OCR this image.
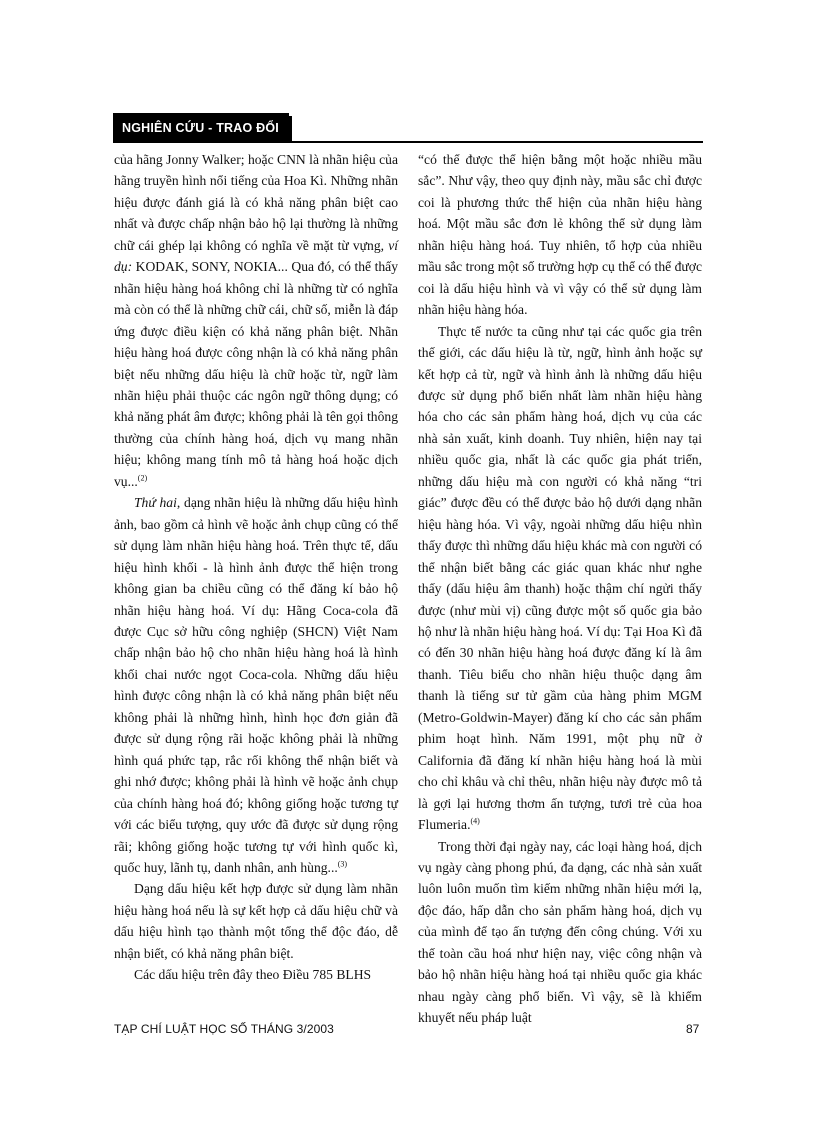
NGHIÊN CỨU - TRAO ĐỔI

của hãng Jonny Walker; hoặc CNN là nhãn hiệu của hãng truyền hình nổi tiếng của Hoa Kì. Những nhãn hiệu được đánh giá là có khả năng phân biệt cao nhất và được chấp nhận bảo hộ lại thường là những chữ cái ghép lại không có nghĩa về mặt từ vựng, ví dụ: KODAK, SONY, NOKIA... Qua đó, có thể thấy nhãn hiệu hàng hoá không chỉ là những từ có nghĩa mà còn có thể là những chữ cái, chữ số, miễn là đáp ứng được điều kiện có khả năng phân biệt. Nhãn hiệu hàng hoá được công nhận là có khả năng phân biệt nếu những dấu hiệu là chữ hoặc từ, ngữ làm nhãn hiệu phải thuộc các ngôn ngữ thông dụng; có khả năng phát âm được; không phải là tên gọi thông thường của chính hàng hoá, dịch vụ mang nhãn hiệu; không mang tính mô tả hàng hoá hoặc dịch vụ...$^{(2)}$

Thứ hai, dạng nhãn hiệu là những dấu hiệu hình ảnh, bao gồm cả hình vẽ hoặc ảnh chụp cũng có thể sử dụng làm nhãn hiệu hàng hoá. Trên thực tế, dấu hiệu hình khối - là hình ảnh được thể hiện trong không gian ba chiều cũng có thể đăng kí bảo hộ nhãn hiệu hàng hoá. Ví dụ: Hãng Coca-cola đã được Cục sở hữu công nghiệp (SHCN) Việt Nam chấp nhận bảo hộ cho nhãn hiệu hàng hoá là hình khối chai nước ngọt Coca-cola. Những dấu hiệu hình được công nhận là có khả năng phân biệt nếu không phải là những hình, hình học đơn giản đã được sử dụng rộng rãi hoặc không phải là những hình quá phức tạp, rắc rối không thể nhận biết và ghi nhớ được; không phải là hình vẽ hoặc ảnh chụp của chính hàng hoá đó; không giống hoặc tương tự với các biểu tượng, quy ước đã được sử dụng rộng rãi; không giống hoặc tương tự với hình quốc kì, quốc huy, lãnh tụ, danh nhân, anh hùng...$^{(3)}$

Dạng dấu hiệu kết hợp được sử dụng làm nhãn hiệu hàng hoá nếu là sự kết hợp cả dấu hiệu chữ và dấu hiệu hình tạo thành một tổng thể độc đáo, dễ nhận biết, có khả năng phân biệt.

Các dấu hiệu trên đây theo Điều 785 BLHS

“có thể được thể hiện bằng một hoặc nhiều mầu sắc”. Như vậy, theo quy định này, mầu sắc chỉ được coi là phương thức thể hiện của nhãn hiệu hàng hoá. Một mầu sắc đơn lẻ không thể sử dụng làm nhãn hiệu hàng hoá. Tuy nhiên, tổ hợp của nhiều mầu sắc trong một số trường hợp cụ thể có thể được coi là dấu hiệu hình và vì vậy có thể sử dụng làm nhãn hiệu hàng hóa.

Thực tế nước ta cũng như tại các quốc gia trên thế giới, các dấu hiệu là từ, ngữ, hình ảnh hoặc sự kết hợp cả từ, ngữ và hình ảnh là những dấu hiệu được sử dụng phổ biến nhất làm nhãn hiệu hàng hóa cho các sản phẩm hàng hoá, dịch vụ của các nhà sản xuất, kinh doanh. Tuy nhiên, hiện nay tại nhiều quốc gia, nhất là các quốc gia phát triển, những dấu hiệu mà con người có khả năng “tri giác” được đều có thể được bảo hộ dưới dạng nhãn hiệu hàng hóa. Vì vậy, ngoài những dấu hiệu nhìn thấy được thì những dấu hiệu khác mà con người có thể nhận biết bằng các giác quan khác như nghe thấy (dấu hiệu âm thanh) hoặc thậm chí ngửi thấy được (như mùi vị) cũng được một số quốc gia bảo hộ như là nhãn hiệu hàng hoá. Ví dụ: Tại Hoa Kì đã có đến 30 nhãn hiệu hàng hoá được đăng kí là âm thanh. Tiêu biểu cho nhãn hiệu thuộc dạng âm thanh là tiếng sư tử gầm của hàng phim MGM (Metro-Goldwin-Mayer) đăng kí cho các sản phẩm phim hoạt hình. Năm 1991, một phụ nữ ở California đã đăng kí nhãn hiệu hàng hoá là mùi cho chỉ khâu và chỉ thêu, nhãn hiệu này được mô tả là gợi lại hương thơm ấn tượng, tươi trẻ của hoa Flumeria.$^{(4)}$

Trong thời đại ngày nay, các loại hàng hoá, dịch vụ ngày càng phong phú, đa dạng, các nhà sản xuất luôn luôn muốn tìm kiếm những nhãn hiệu mới lạ, độc đáo, hấp dẫn cho sản phẩm hàng hoá, dịch vụ của mình để tạo ấn tượng đến công chúng. Với xu thế toàn cầu hoá như hiện nay, việc công nhận và bảo hộ nhãn hiệu hàng hoá tại nhiều quốc gia khác nhau ngày càng phổ biến. Vì vậy, sẽ là khiếm khuyết nếu pháp luật

TẠP CHÍ LUẬT HỌC SỐ THÁNG 3/2003	87
